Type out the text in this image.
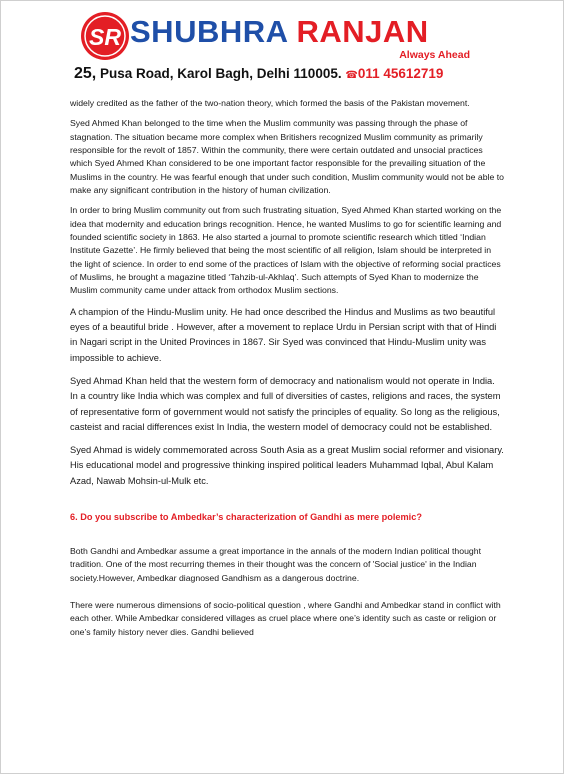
SR SHUBHRA RANJAN
Always Ahead
25, Pusa Road, Karol Bagh, Delhi 110005. ☎011 45612719

widely credited as the father of the two-nation theory, which formed the basis of the Pakistan movement.

Syed Ahmed Khan belonged to the time when the Muslim community was passing through the phase of stagnation. The situation became more complex when Britishers recognized Muslim community as primarily responsible for the revolt of 1857. Within the community, there were certain outdated and unsocial practices which Syed Ahmed Khan considered to be one important factor responsible for the prevailing situation of the Muslims in the country. He was fearful enough that under such condition, Muslim community would not be able to make any significant contribution in the history of human civilization.

In order to bring Muslim community out from such frustrating situation, Syed Ahmed Khan started working on the idea that modernity and education brings recognition. Hence, he wanted Muslims to go for scientific learning and founded scientific society in 1863. He also started a journal to promote scientific research which titled ‘Indian Institute Gazette’. He firmly believed that being the most scientific of all religion, Islam should be interpreted in the light of science. In order to end some of the practices of Islam with the objective of reforming social practices of Muslims, he brought a magazine titled ‘Tahzib-ul-Akhlaq’. Such attempts of Syed Khan to modernize the Muslim community came under attack from orthodox Muslim sections.

A champion of the Hindu-Muslim unity. He had once described the Hindus and Muslims as two beautiful eyes of a beautiful bride . However, after a movement to replace Urdu in Persian script with that of Hindi in Nagari script in the United Provinces in 1867. Sir Syed was convinced that Hindu-Muslim unity was impossible to achieve.

Syed Ahmad Khan held that the western form of democracy and nationalism would not operate in India. In a country like India which was complex and full of diversities of castes, religions and races, the system of representative form of government would not satisfy the principles of equality. So long as the religious, casteist and racial differences exist In India, the western model of democracy could not be established.

Syed Ahmad is widely commemorated across South Asia as a great Muslim social reformer and visionary. His educational model and progressive thinking inspired political leaders Muhammad Iqbal, Abul Kalam Azad, Nawab Mohsin-ul-Mulk etc.

6. Do you subscribe to Ambedkar’s characterization of Gandhi as mere polemic?

Both Gandhi and Ambedkar assume a great importance in the annals of the modern Indian political thought tradition. One of the most recurring themes in their thought was the concern of 'Social justice' in the Indian society.However, Ambedkar diagnosed Gandhism as a dangerous doctrine.

There were numerous dimensions of socio-political question , where Gandhi and Ambedkar stand in conflict with each other. While Ambedkar considered villages as cruel place where one’s identity such as caste or religion or one’s family history never dies. Gandhi believed
